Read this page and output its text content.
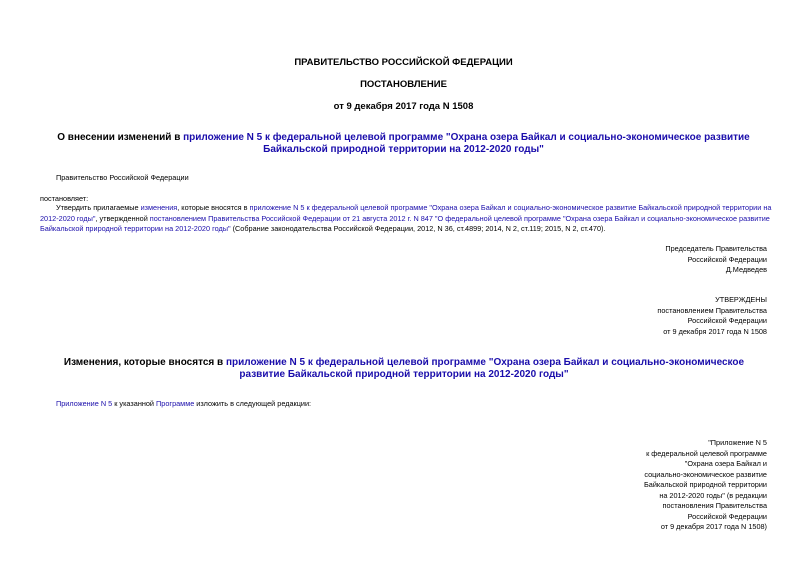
ПРАВИТЕЛЬСТВО РОССИЙСКОЙ ФЕДЕРАЦИИ
ПОСТАНОВЛЕНИЕ
от 9 декабря 2017 года N 1508
О внесении изменений в приложение N 5 к федеральной целевой программе "Охрана озера Байкал и социально-экономическое развитие Байкальской природной территории на 2012-2020 годы"
Правительство Российской Федерации
постановляет:
Утвердить прилагаемые изменения, которые вносятся в приложение N 5 к федеральной целевой программе "Охрана озера Байкал и социально-экономическое развитие Байкальской природной территории на 2012-2020 годы", утвержденной постановлением Правительства Российской Федерации от 21 августа 2012 г. N 847 "О федеральной целевой программе "Охрана озера Байкал и социально-экономическое развитие Байкальской природной территории на 2012-2020 годы" (Собрание законодательства Российской Федерации, 2012, N 36, ст.4899; 2014, N 2, ст.119; 2015, N 2, ст.470).
Председатель Правительства
Российской Федерации
Д.Медведев
УТВЕРЖДЕНЫ
постановлением Правительства
Российской Федерации
от 9 декабря 2017 года N 1508
Изменения, которые вносятся в приложение N 5 к федеральной целевой программе "Охрана озера Байкал и социально-экономическое развитие Байкальской природной территории на 2012-2020 годы"
Приложение N 5 к указанной Программе изложить в следующей редакции:
"Приложение N 5
к федеральной целевой программе
"Охрана озера Байкал и
социально-экономическое развитие
Байкальской природной территории
на 2012-2020 годы" (в редакции
постановления Правительства
Российской Федерации
от 9 декабря 2017 года N 1508)
